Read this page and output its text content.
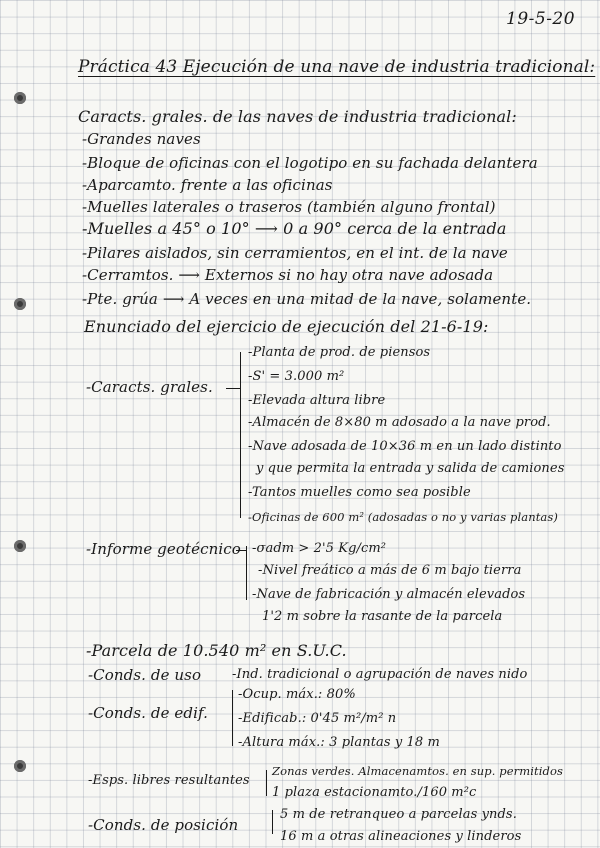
19-5-20
Práctica 43 Ejecución de una nave de industria tradicional:
Caracts. grales. de las naves de industria tradicional:
-Grandes naves
-Bloque de oficinas con el logotipo en su fachada delantera
-Aparcamto. frente a las oficinas
-Muelles laterales o traseros (también alguno frontal)
-Muelles a 45° o 10° ⟶ 0 a 90° cerca de la entrada
-Pilares aislados, sin cerramientos, en el int. de la nave
-Cerramtos. ⟶ Externos si no hay otra nave adosada
-Pte. grúa ⟶ A veces en una mitad de la nave, solamente.
Enunciado del ejercicio de ejecución del 21-6-19:
-Caracts. grales.
-Planta de prod. de piensos
-S' = 3.000 m²
-Elevada altura libre
-Almacén de 8×80 m adosado a la nave prod.
-Nave adosada de 10×36 m en un lado distinto
y que permita la entrada y salida de camiones
-Tantos muelles como sea posible
-Oficinas de 600 m² (adosadas o no y varias plantas)
-Informe geotécnico -σadm > 2'5 Kg/cm²
-Nivel freático a más de 6 m bajo tierra
-Nave de fabricación y almacén elevados
1'2 m sobre la rasante de la parcela
-Parcela de 10.540 m² en S.U.C.
-Conds. de uso -Ind. tradicional o agrupación de naves nido
-Conds. de edif.
-Ocup. máx.: 80%
-Edificab.: 0'45 m²/m² n
-Altura máx.: 3 plantas y 18 m
-Esps. libres resultantes
Zonas verdes. Almacenamtos. en sup. permitidos
1 plaza estacionamto./160 m²c
-Conds. de posición
5 m de retranqueo a parcelas ynds.
16 m a otras alineaciones y linderos
